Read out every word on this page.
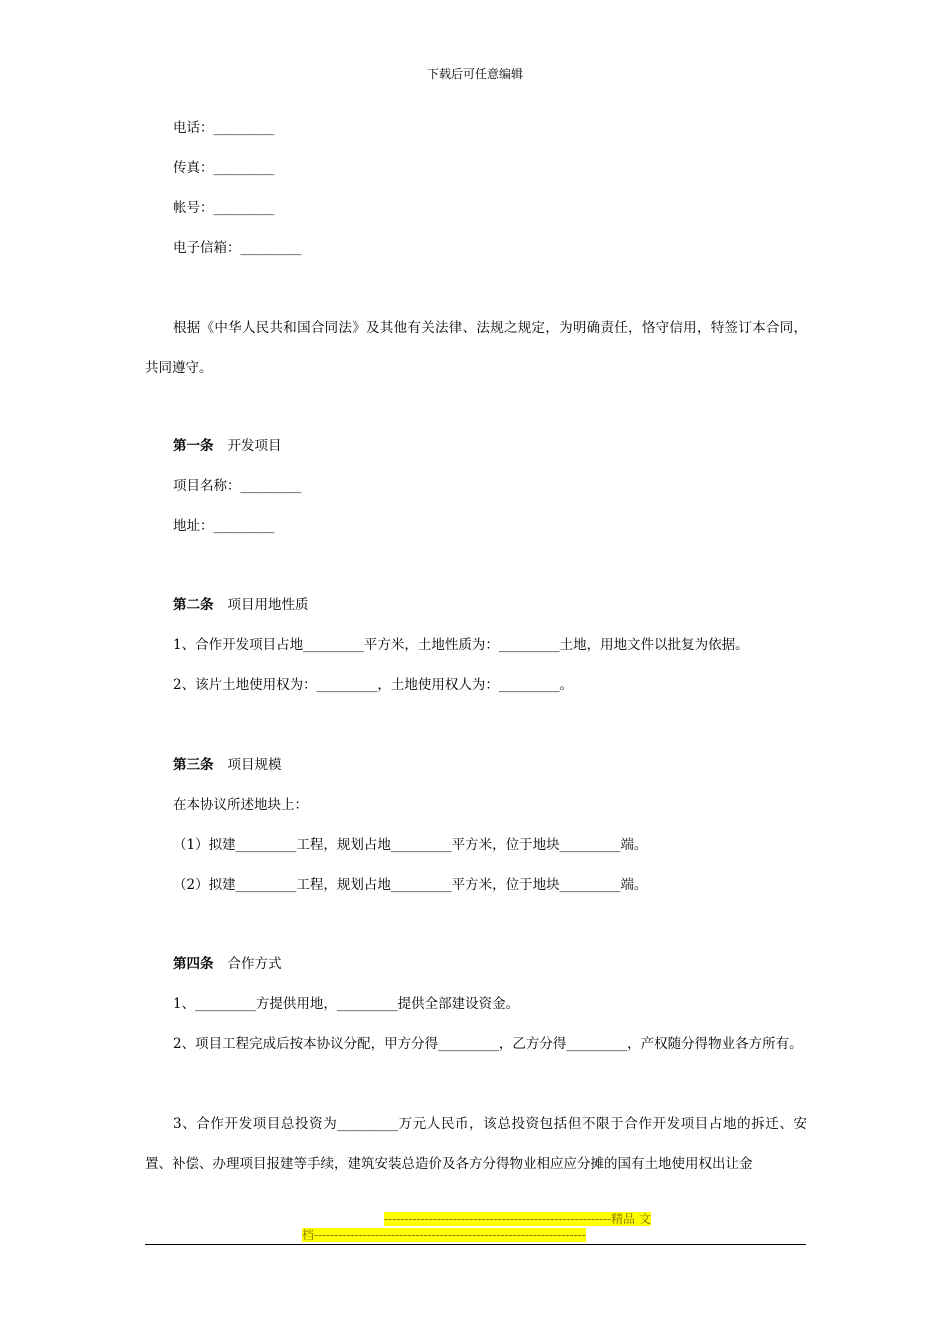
下载后可任意编辑
电话：_________
传真：_________
帐号：_________
电子信箱：_________
根据《中华人民共和国合同法》及其他有关法律、法规之规定，为明确责任，恪守信用，特签订本合同，共同遵守。
第一条 开发项目
项目名称：_________
地址：_________
第二条 项目用地性质
1、合作开发项目占地_________平方米，土地性质为：_________土地，用地文件以批复为依据。
2、该片土地使用权为：_________，土地使用权人为：_________。
第三条 项目规模
在本协议所述地块上：
（1）拟建_________工程，规划占地_________平方米，位于地块_________端。
（2）拟建_________工程，规划占地_________平方米，位于地块_________端。
第四条 合作方式
1、_________方提供用地，_________提供全部建设资金。
2、项目工程完成后按本协议分配，甲方分得_________，乙方分得_________，产权随分得物业各方所有。
3、合作开发项目总投资为_________万元人民币，该总投资包括但不限于合作开发项目占地的拆迁、安置、补偿、办理项目报建等手续，建筑安装总造价及各方分得物业相应应分摊的国有土地使用权出让金
--------------------------------------------------------精品 文
档-------------------------------------------------------------------
